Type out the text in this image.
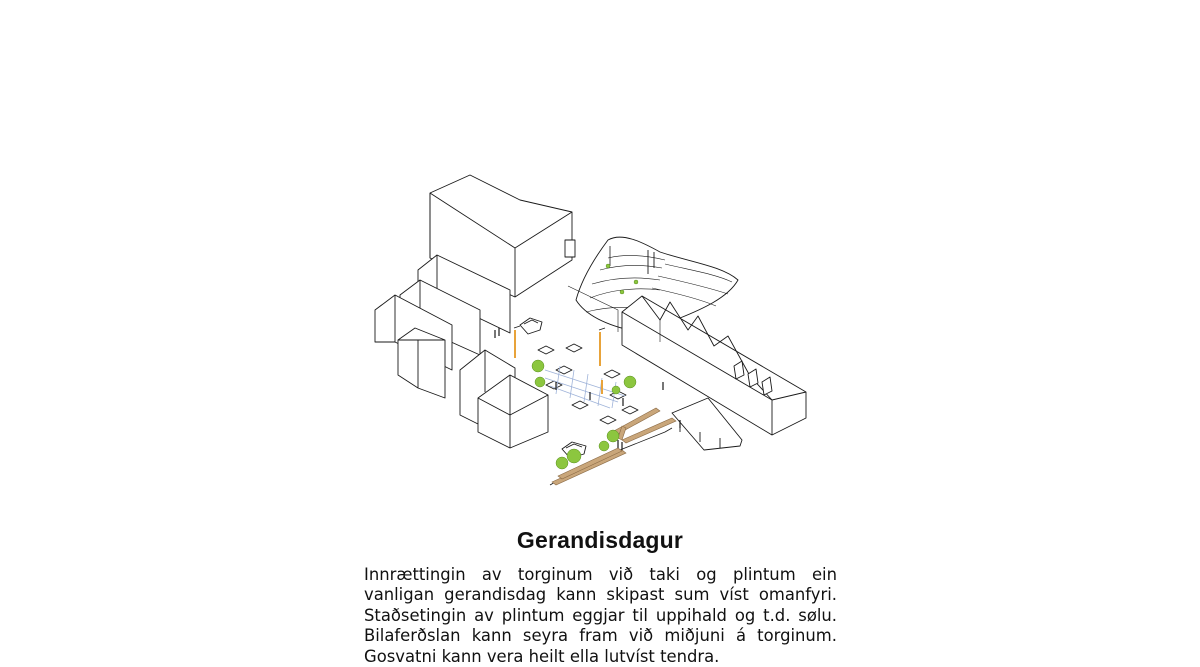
Gerandisdagur
Innrættingin av torginum við taki og plintum ein
vanligan gerandisdag kann skipast sum víst omanfyri.
Staðsetingin av plintum eggjar til uppihald og t.d. sølu.
Bilaferðslan kann seyra fram við miðjuni á torginum.
Gosvatni kann vera heilt ella lutvíst tendra.
